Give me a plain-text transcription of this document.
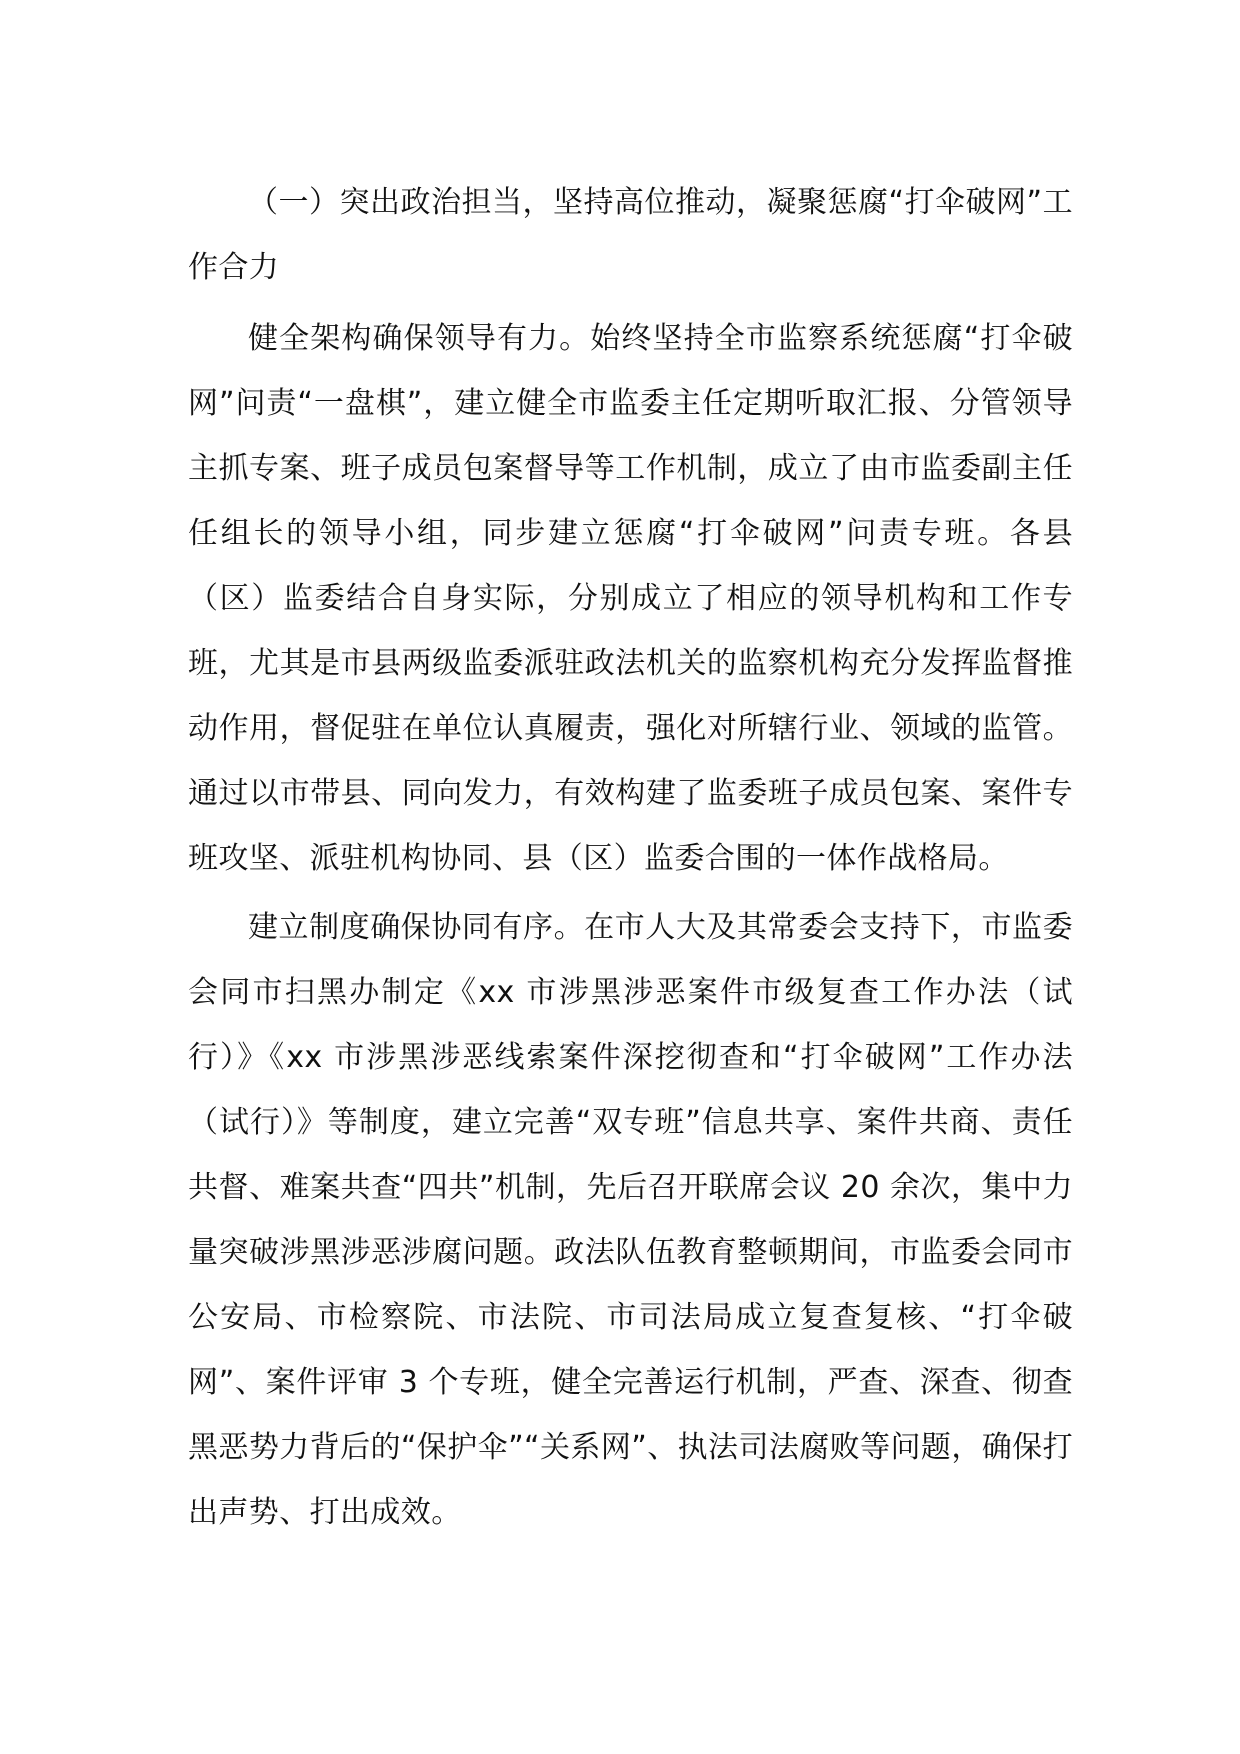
（一）突出政治担当，坚持高位推动，凝聚惩腐“打伞破网”工作合力

健全架构确保领导有力。始终坚持全市监察系统惩腐“打伞破网”问责“一盘棋”，建立健全市监委主任定期听取汇报、分管领导主抓专案、班子成员包案督导等工作机制，成立了由市监委副主任任组长的领导小组，同步建立惩腐“打伞破网”问责专班。各县（区）监委结合自身实际，分别成立了相应的领导机构和工作专班，尤其是市县两级监委派驻政法机关的监察机构充分发挥监督推动作用，督促驻在单位认真履责，强化对所辖行业、领域的监管。通过以市带县、同向发力，有效构建了监委班子成员包案、案件专班攻坚、派驻机构协同、县（区）监委合围的一体作战格局。

建立制度确保协同有序。在市人大及其常委会支持下，市监委会同市扫黑办制定《xx 市涉黑涉恶案件市级复查工作办法（试行）》《xx 市涉黑涉恶线索案件深挖彻查和“打伞破网”工作办法（试行）》等制度，建立完善“双专班”信息共享、案件共商、责任共督、难案共查“四共”机制，先后召开联席会议 20 余次，集中力量突破涉黑涉恶涉腐问题。政法队伍教育整顿期间，市监委会同市公安局、市检察院、市法院、市司法局成立复查复核、“打伞破网”、案件评审 3 个专班，健全完善运行机制，严查、深查、彻查黑恶势力背后的“保护伞”“关系网”、执法司法腐败等问题，确保打出声势、打出成效。
